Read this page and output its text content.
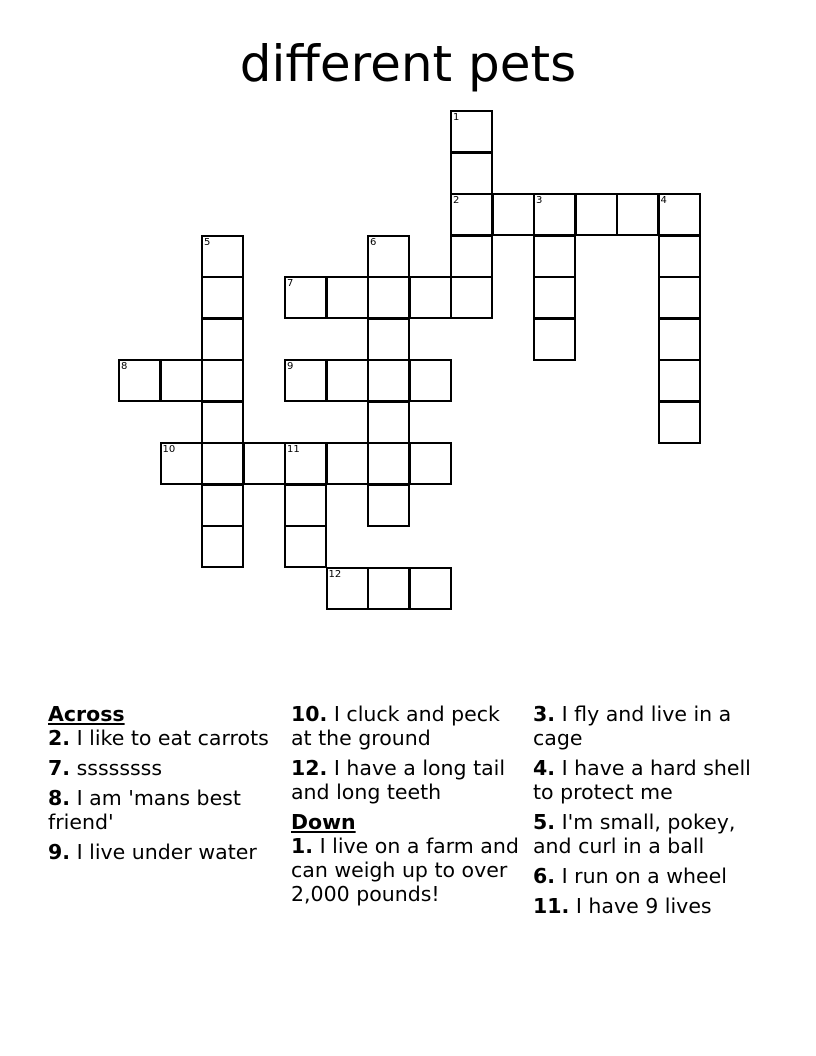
different pets
1
2	3	4
5	6
7
8	9
10	11
12
Across
2. I like to eat carrots
7. ssssssss
8. I am 'mans best friend'
9. I live under water
10. I cluck and peck at the ground
12. I have a long tail and long teeth
Down
1. I live on a farm and can weigh up to over 2,000 pounds!
3. I fly and live in a cage
4. I have a hard shell to protect me
5. I'm small, pokey, and curl in a ball
6. I run on a wheel
11. I have 9 lives
